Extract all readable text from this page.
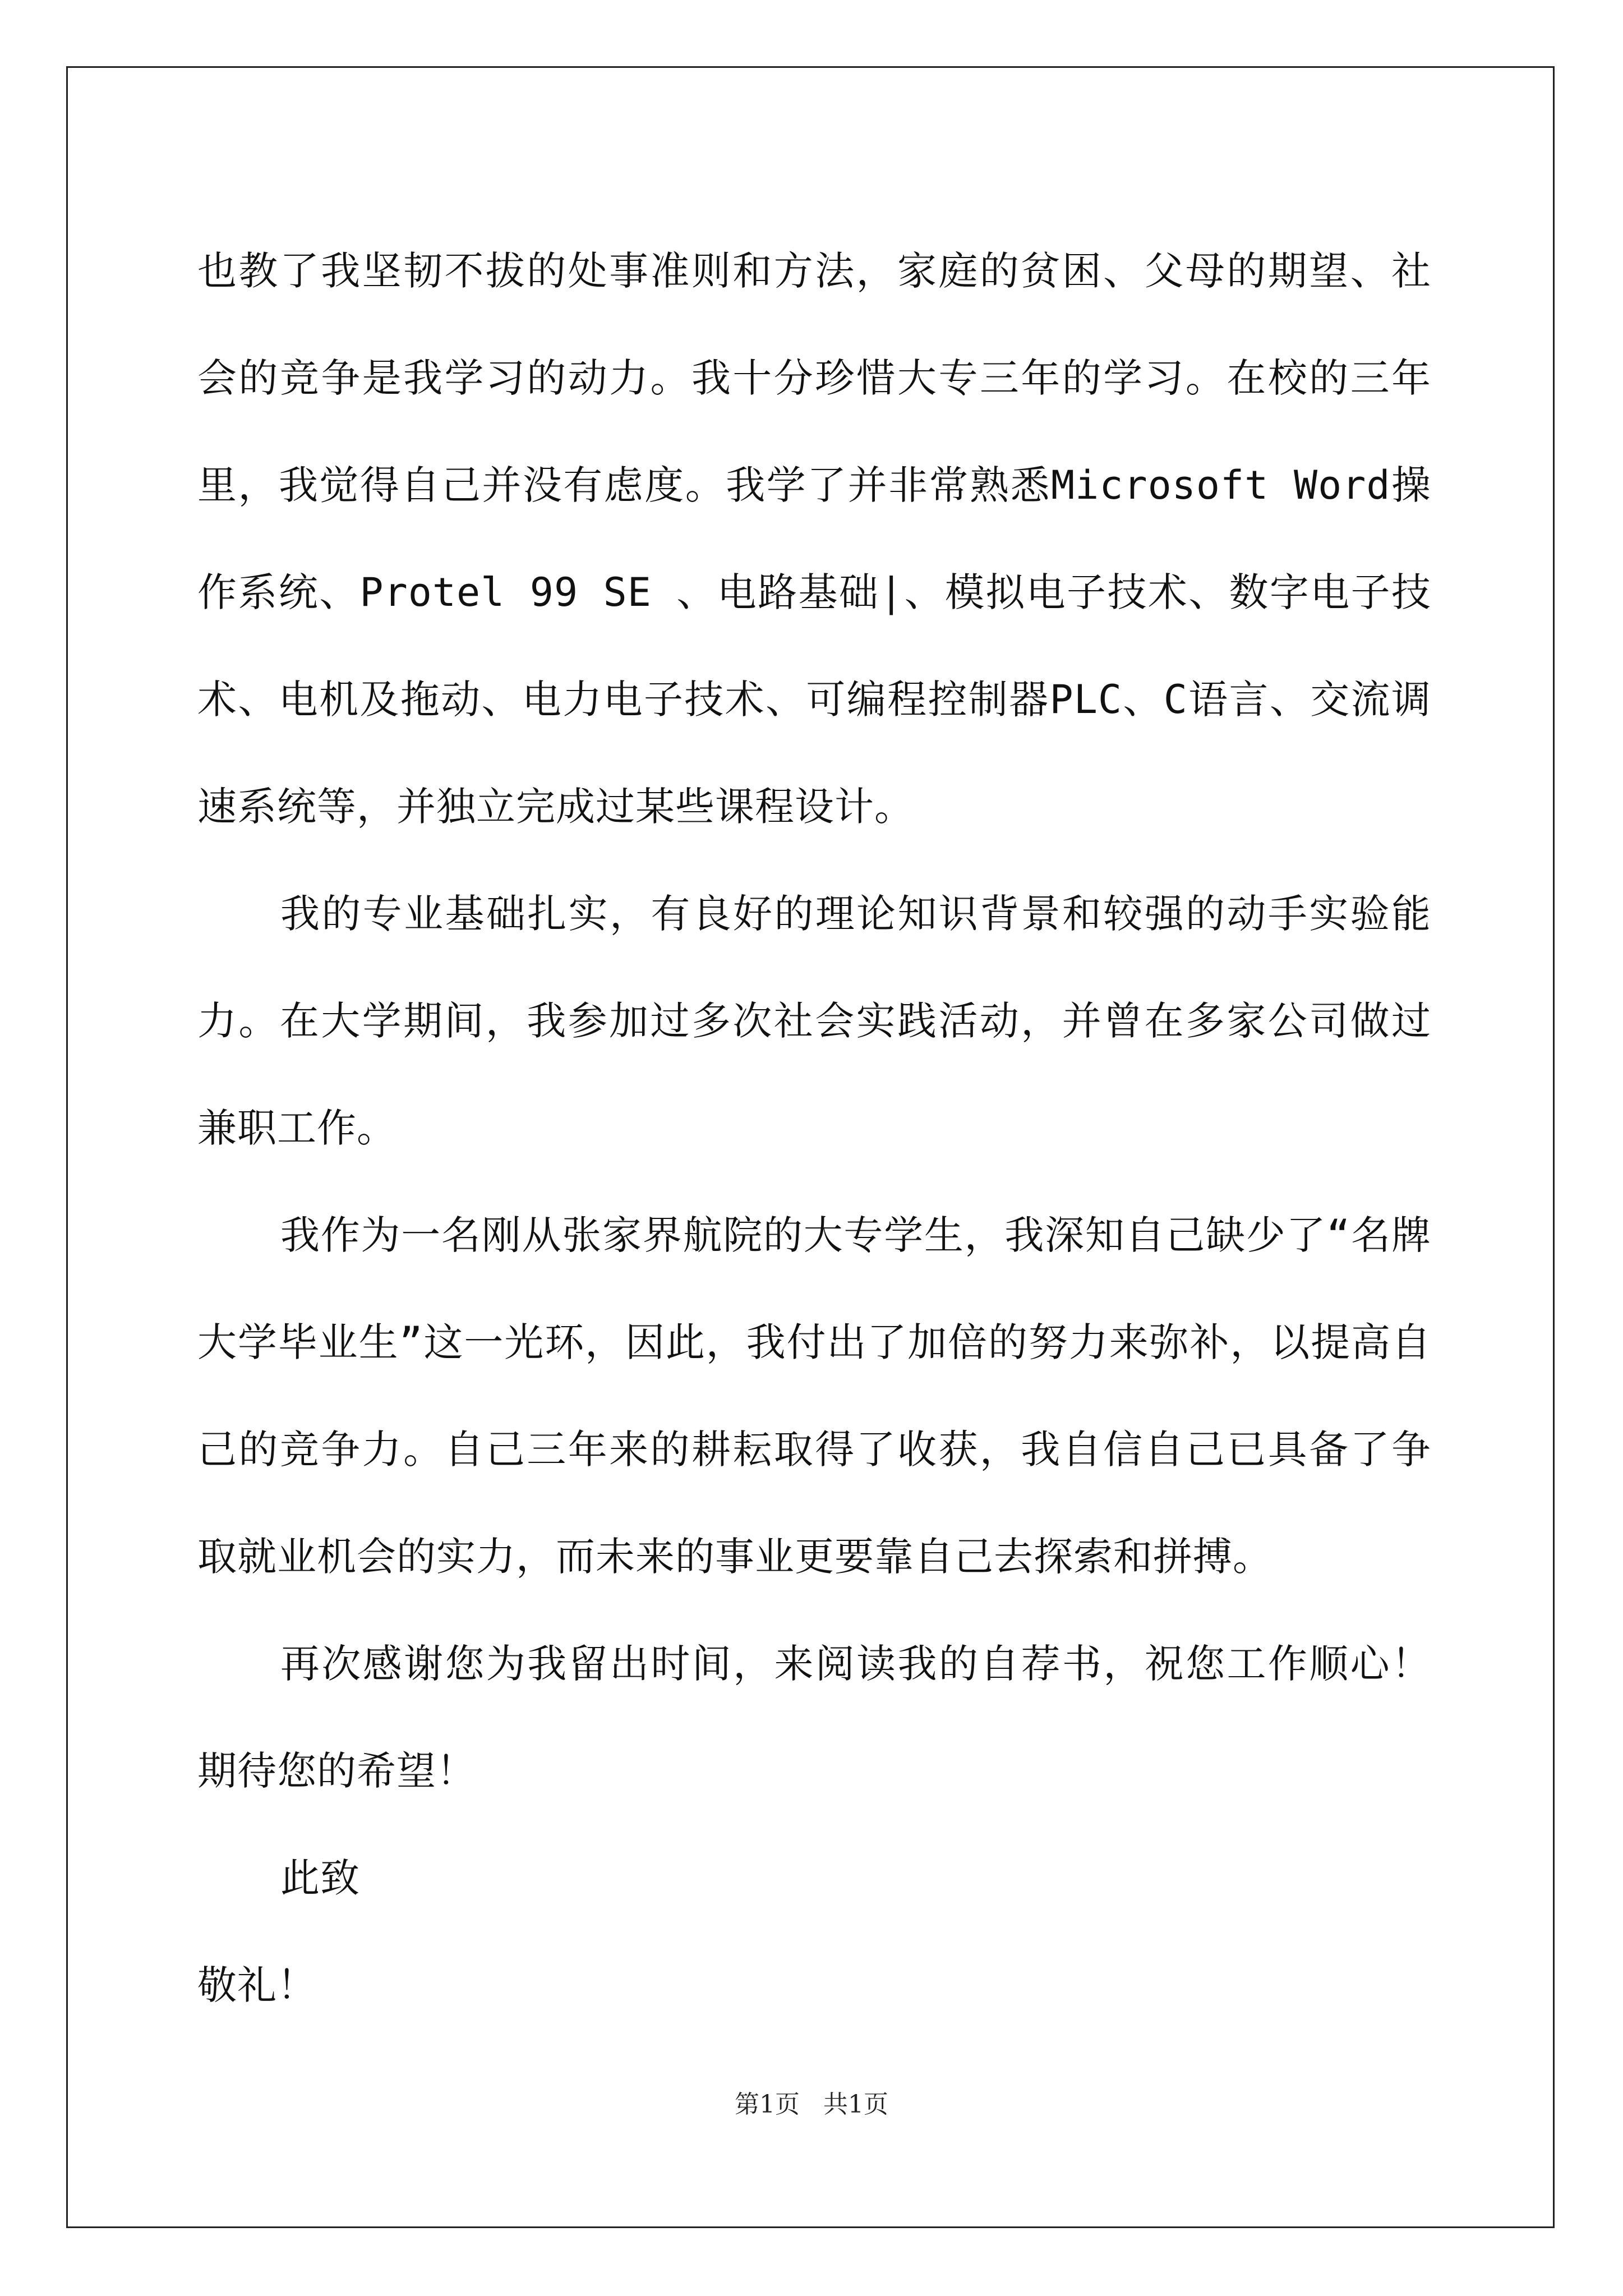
也教了我坚韧不拔的处事准则和方法，家庭的贫困、父母的期望、社会的竞争是我学习的动力。我十分珍惜大专三年的学习。在校的三年里，我觉得自己并没有虑度。我学了并非常熟悉Microsoft Word操作系统、Protel 99 SE 、电路基础|、模拟电子技术、数字电子技术、电机及拖动、电力电子技术、可编程控制器PLC、C语言、交流调速系统等，并独立完成过某些课程设计。

我的专业基础扎实，有良好的理论知识背景和较强的动手实验能力。在大学期间，我参加过多次社会实践活动，并曾在多家公司做过兼职工作。

我作为一名刚从张家界航院的大专学生，我深知自己缺少了“名牌大学毕业生”这一光环，因此，我付出了加倍的努力来弥补，以提高自己的竞争力。自己三年来的耕耘取得了收获，我自信自己已具备了争取就业机会的实力，而未来的事业更要靠自己去探索和拼搏。

再次感谢您为我留出时间，来阅读我的自荐书，祝您工作顺心！期待您的希望！

此致

敬礼！

第1页   共1页
